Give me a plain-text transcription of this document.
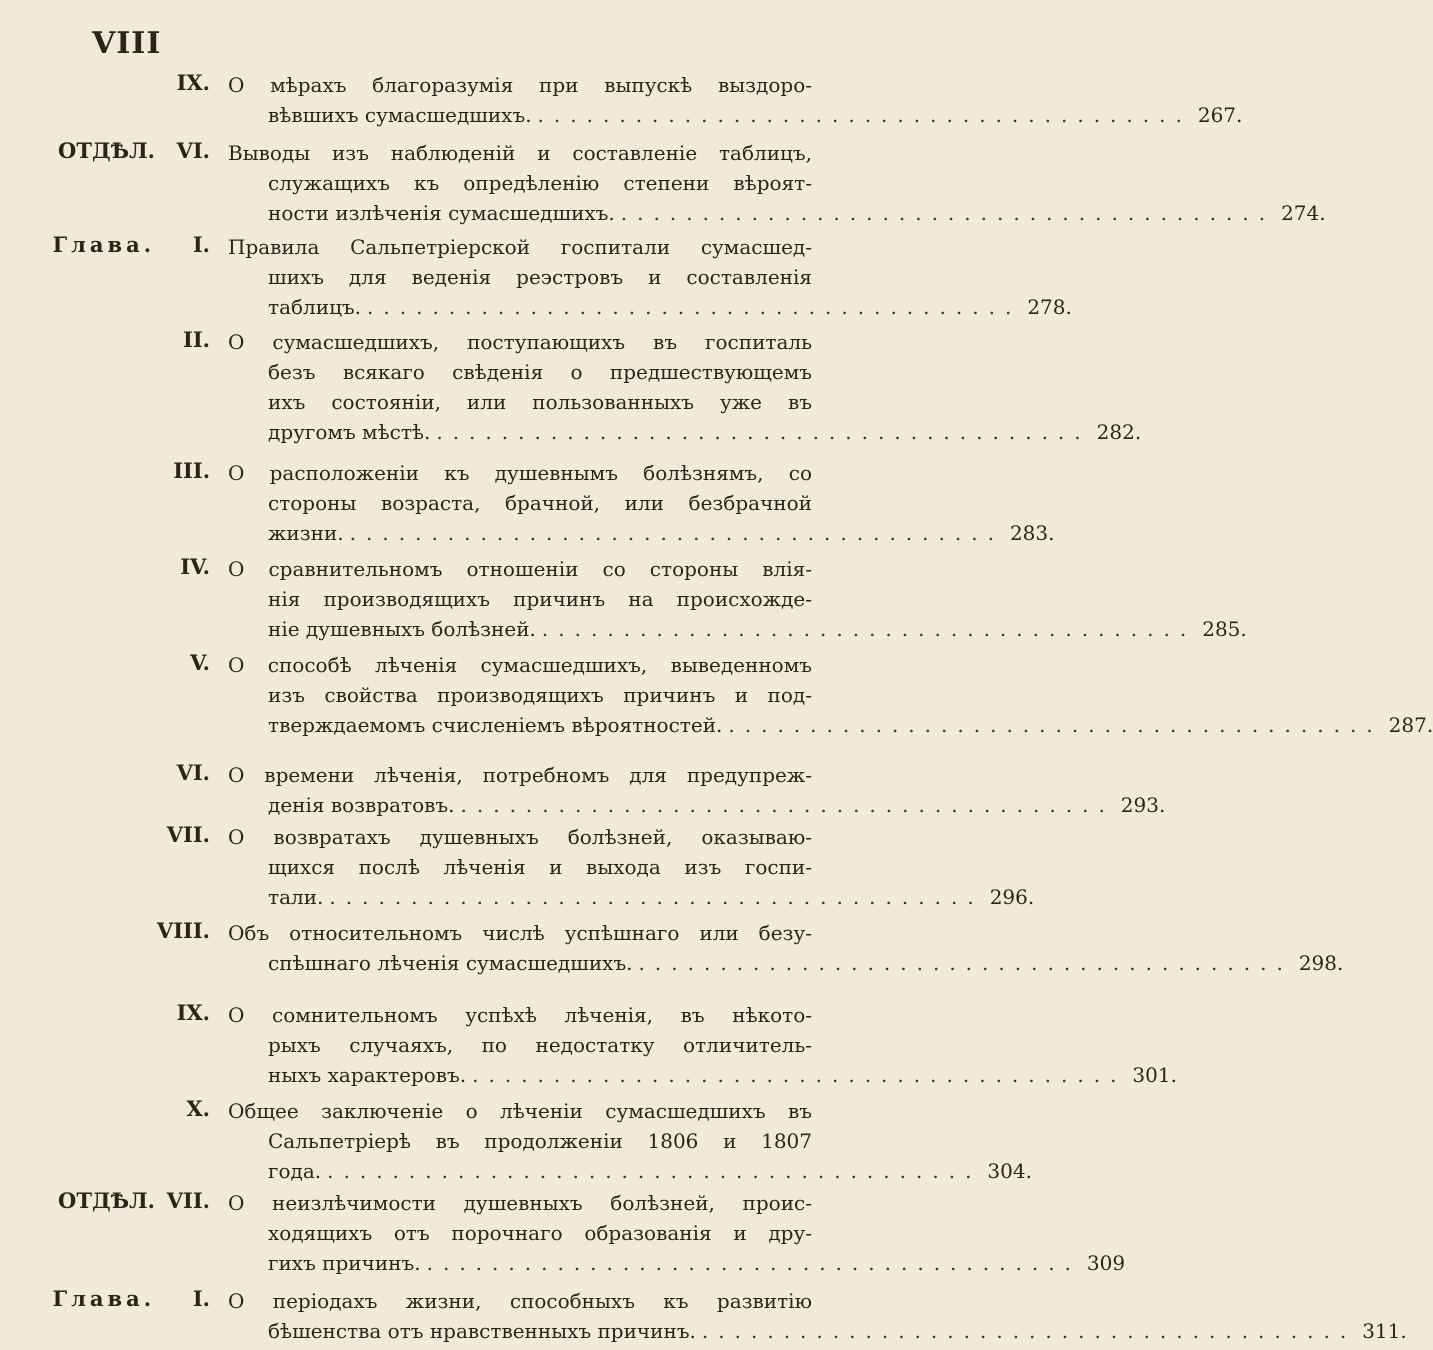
VIII
IX. О мѣрахъ благоразумія при выпускѣ выздоро-
вѣвшихъ сумасшедшихъ. ........................................ 267.
ОТДѢЛ. VI. Выводы изъ наблюденій и составленіе таблицъ,
служащихъ къ опредѣленію степени вѣроят-
ности излѣченія сумасшедшихъ. ........................................ 274.
Глава. I. Правила Сальпетріерской госпитали сумасшед-
шихъ для веденія реэстровъ и составленія
таблицъ. ........................................ 278.
II. О сумасшедшихъ, поступающихъ въ госпиталь
безъ всякаго свѣденія о предшествующемъ
ихъ состояніи, или пользованныхъ уже въ
другомъ мѣстѣ. ........................................ 282.
III. О расположеніи къ душевнымъ болѣзнямъ, со
стороны возраста, брачной, или безбрачной
жизни. ........................................ 283.
IV. О сравнительномъ отношеніи со стороны влія-
нія производящихъ причинъ на происхожде-
ніе душевныхъ болѣзней. ........................................ 285.
V. О способѣ лѣченія сумасшедшихъ, выведенномъ
изъ свойства производящихъ причинъ и под-
тверждаемомъ счисленіемъ вѣроятностей. ........................................ 287.
VI. О времени лѣченія, потребномъ для предупреж-
денія возвратовъ. ........................................ 293.
VII. О возвратахъ душевныхъ болѣзней, оказываю-
щихся послѣ лѣченія и выхода изъ госпи-
тали. ........................................ 296.
VIII. Объ относительномъ числѣ успѣшнаго или безу-
спѣшнаго лѣченія сумасшедшихъ. ........................................ 298.
IX. О сомнительномъ успѣхѣ лѣченія, въ нѣкото-
рыхъ случаяхъ, по недостатку отличитель-
ныхъ характеровъ. ........................................ 301.
X. Общее заключеніе о лѣченіи сумасшедшихъ въ
Сальпетріерѣ въ продолженіи 1806 и 1807
года. ........................................ 304.
ОТДѢЛ. VII. О неизлѣчимости душевныхъ болѣзней, проис-
ходящихъ отъ порочнаго образованія и дру-
гихъ причинъ. ........................................ 309
Глава. I. О періодахъ жизни, способныхъ къ развитію
бѣшенства отъ нравственныхъ причинъ. ........................................ 311.
